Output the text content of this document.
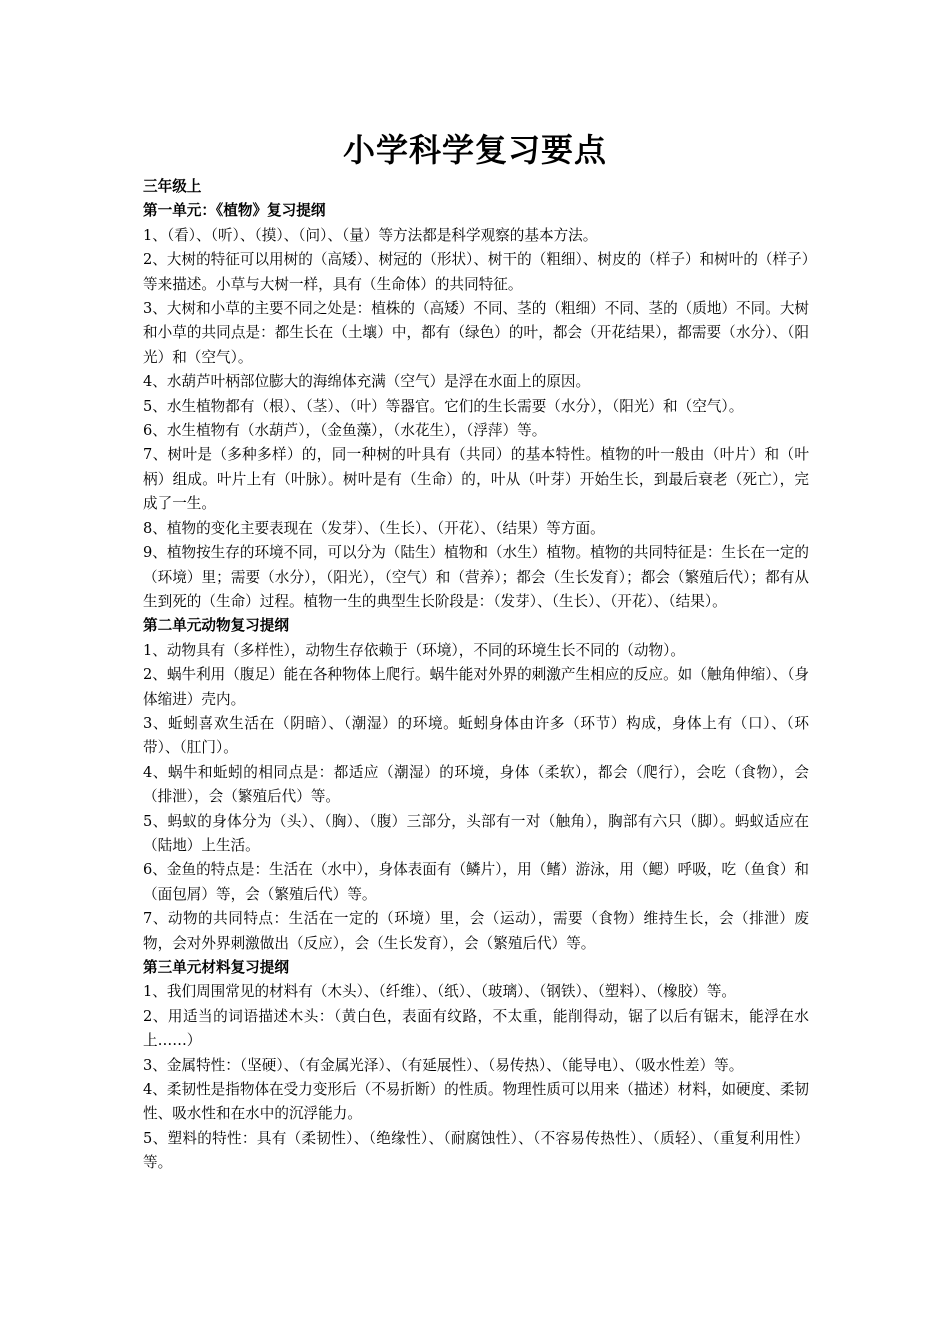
小学科学复习要点

三年级上

第一单元：《植物》复习提纲

1、（看）、（听）、（摸）、（问）、（量）等方法都是科学观察的基本方法。

2、大树的特征可以用树的（高矮）、树冠的（形状）、树干的（粗细）、树皮的（样子）和树叶的（样子）等来描述。小草与大树一样，具有（生命体）的共同特征。

3、大树和小草的主要不同之处是：植株的（高矮）不同、茎的（粗细）不同、茎的（质地）不同。大树和小草的共同点是：都生长在（土壤）中，都有（绿色）的叶，都会（开花结果），都需要（水分）、（阳光）和（空气）。

4、水葫芦叶柄部位膨大的海绵体充满（空气）是浮在水面上的原因。

5、水生植物都有（根）、（茎）、（叶）等器官。它们的生长需要（水分），（阳光）和（空气）。

6、水生植物有（水葫芦），（金鱼藻），（水花生），（浮萍）等。

7、树叶是（多种多样）的，同一种树的叶具有（共同）的基本特性。植物的叶一般由（叶片）和（叶柄）组成。叶片上有（叶脉）。树叶是有（生命）的，叶从（叶芽）开始生长，到最后衰老（死亡），完成了一生。

8、植物的变化主要表现在（发芽）、（生长）、（开花）、（结果）等方面。

9、植物按生存的环境不同，可以分为（陆生）植物和（水生）植物。植物的共同特征是：生长在一定的（环境）里；需要（水分），（阳光），（空气）和（营养）；都会（生长发育）；都会（繁殖后代）；都有从生到死的（生命）过程。植物一生的典型生长阶段是：（发芽）、（生长）、（开花）、（结果）。

第二单元动物复习提纲

1、动物具有（多样性），动物生存依赖于（环境），不同的环境生长不同的（动物）。

2、蜗牛利用（腹足）能在各种物体上爬行。蜗牛能对外界的刺激产生相应的反应。如（触角伸缩）、（身体缩进）壳内。

3、蚯蚓喜欢生活在（阴暗）、（潮湿）的环境。蚯蚓身体由许多（环节）构成，身体上有（口）、（环带）、（肛门）。

4、蜗牛和蚯蚓的相同点是：都适应（潮湿）的环境，身体（柔软），都会（爬行），会吃（食物），会（排泄），会（繁殖后代）等。

5、蚂蚁的身体分为（头）、（胸）、（腹）三部分，头部有一对（触角），胸部有六只（脚）。蚂蚁适应在（陆地）上生活。

6、金鱼的特点是：生活在（水中），身体表面有（鳞片），用（鳍）游泳，用（鳃）呼吸，吃（鱼食）和（面包屑）等，会（繁殖后代）等。

7、动物的共同特点：生活在一定的（环境）里，会（运动），需要（食物）维持生长，会（排泄）废物，会对外界刺激做出（反应），会（生长发育），会（繁殖后代）等。

第三单元材料复习提纲

1、我们周围常见的材料有（木头）、（纤维）、（纸）、（玻璃）、（钢铁）、（塑料）、（橡胶）等。

2、用适当的词语描述木头：（黄白色，表面有纹路，不太重，能削得动，锯了以后有锯末，能浮在水上……）

3、金属特性：（坚硬）、（有金属光泽）、（有延展性）、（易传热）、（能导电）、（吸水性差）等。

4、柔韧性是指物体在受力变形后（不易折断）的性质。物理性质可以用来（描述）材料，如硬度、柔韧性、吸水性和在水中的沉浮能力。

5、塑料的特性：具有（柔韧性）、（绝缘性）、（耐腐蚀性）、（不容易传热性）、（质轻）、（重复利用性）等。
